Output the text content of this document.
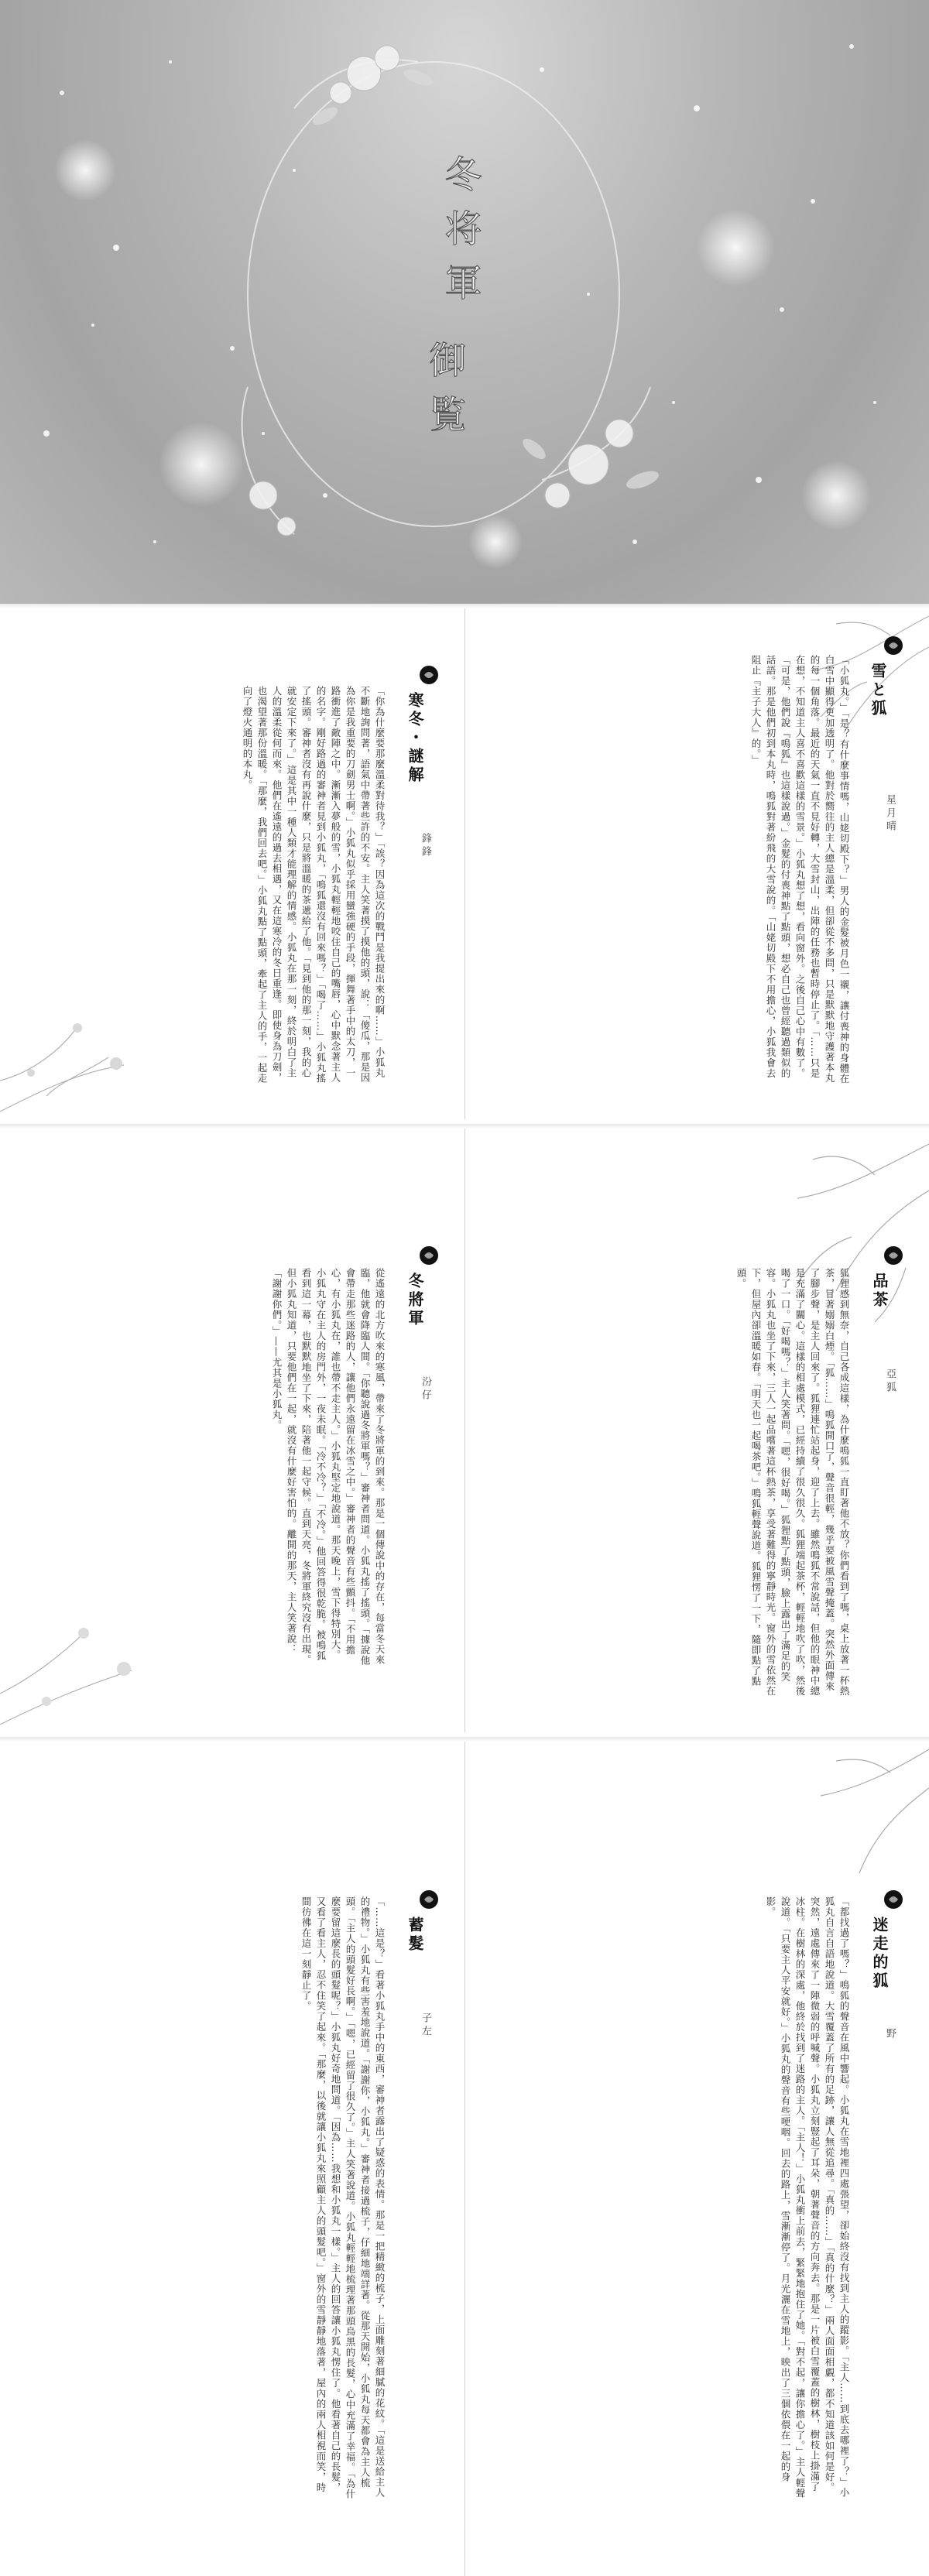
冬将軍
御覧
雪と狐
星月晴
「小狐丸。」「是？有什麼事情嗎，山姥切殿下？」男人的金髮被月色一襯，讓付喪神的身體在白雪中顯得更加透明了。他對於嚮往的主人總是溫柔，但卻從不多問，只是默默地守護著本丸的每一個角落。最近的天氣一直不見好轉，大雪封山，出陣的任務也暫時停止了。「……只是在想，不知道主人喜不喜歡這樣的雪景。」小狐丸想了想，看向窗外。之後自己心中有數了。「可是，他們說『鳴狐』也這樣說過。」金髮的付喪神點了點頭，想必自己也曾經聽過類似的話語。那是他們初到本丸時，鳴狐對著紛飛的大雪說的。「山姥切殿下不用擔心，小狐我會去阻止『主子大人』的。」
寒冬・謎解
鋒鋒
「你為什麼要那麼溫柔對待我？」「誒？因為這次的戰鬥是我提出來的啊……」小狐丸不斷地詢問著，語氣中帶著些許的不安。主人笑著摸了摸他的頭，說：「傻瓜，那是因為你是我重要的刀劍男士啊。」小狐丸似乎採用蠻強硬的手段，揮舞著手中的太刀，一路衝進了敵陣之中。漸漸入夢般的雪，小狐丸輕輕地咬住自己的嘴唇，心中默念著主人的名字。剛好路過的審神者見到小狐丸，「鳴狐還沒有回來嗎？」「喝了……」小狐丸搖了搖頭。審神者沒有再說什麼，只是將溫暖的茶遞給了他。「見到他的那一刻，我的心就安定下來了。」這是其中一種人類才能理解的情感。小狐丸在那一刻，終於明白了主人的溫柔從何而來。他們在遙遠的過去相遇，又在這寒冷的冬日重逢。即使身為刀劍，也渴望著那份溫暖。「那麼，我們回去吧。」小狐丸點了點頭，牽起了主人的手，一起走向了燈火通明的本丸。
品茶
亞狐
狐狸感到無奈，自己各成這樣，為什麼鳴狐一直盯著他不放？你們看到了嗎，桌上放著一杯熱茶，冒著嫋嫋白煙。「狐……」鳴狐開口了，聲音很輕，幾乎要被風雪聲掩蓋。突然外面傳來了腳步聲，是主人回來了。狐狸連忙站起身，迎了上去。雖然鳴狐不常說話，但他的眼神中總是充滿了關心。這樣的相處模式，已經持續了很久很久。狐狸端起茶杯，輕輕地吹了吹，然後喝了一口。「好喝嗎？」主人笑著問。「嗯，很好喝。」狐狸點了點頭，臉上露出了滿足的笑容。小狐丸也坐了下來，三人一起品嚐著這杯熱茶，享受著難得的寧靜時光。窗外的雪依然在下，但屋內卻溫暖如春。「明天也一起喝茶吧。」鳴狐輕聲說道。狐狸愣了一下，隨即點了點頭。
冬將軍
汾仔
從遙遠的北方吹來的寒風，帶來了冬將軍的到來。那是一個傳說中的存在，每當冬天來臨，他就會降臨人間。「你聽說過冬將軍嗎？」審神者問道。小狐丸搖了搖頭。「據說他會帶走那些迷路的人，讓他們永遠留在冰雪之中。」審神者的聲音有些顫抖。「不用擔心，有小狐丸在，誰也帶不走主人。」小狐丸堅定地說道。那天晚上，雪下得特別大。小狐丸守在主人的房門外，一夜未眠。「冷不冷？」「不冷。」他回答得很乾脆。被鳴狐看到這一幕，也默默地坐了下來，陪著他一起守候。直到天亮，冬將軍終究沒有出現。但小狐丸知道，只要他們在一起，就沒有什麼好害怕的。離開的那天，主人笑著說：「謝謝你們。」——尤其是小狐丸。
迷走的狐
野
「都找過了嗎？」鳴狐的聲音在風中響起。小狐丸在雪地裡四處張望，卻始終沒有找到主人的蹤影。「主人……到底去哪裡了？」小狐丸自言自語地說道。大雪覆蓋了所有的足跡，讓人無從追尋。「真的……」「真的什麼？」兩人面面相覷，都不知道該如何是好。突然，遠處傳來了一陣微弱的呼喊聲。小狐丸立刻豎起了耳朵，朝著聲音的方向奔去。那是一片被白雪覆蓋的樹林，樹枝上掛滿了冰柱。在樹林的深處，他終於找到了迷路的主人。「主人！」小狐丸衝上前去，緊緊地抱住了她。「對不起，讓你擔心了。」主人輕聲說道。「只要主人平安就好。」小狐丸的聲音有些哽咽。回去的路上，雪漸漸停了。月光灑在雪地上，映出了三個依偎在一起的身影。
蓄髮
子左
「……這是？」看著小狐丸手中的東西，審神者露出了疑惑的表情。那是一把精緻的梳子，上面雕刻著細膩的花紋。「這是送給主人的禮物。」小狐丸有些害羞地說道。「謝謝你，小狐丸。」審神者接過梳子，仔細地端詳著。從那天開始，小狐丸每天都會為主人梳頭。「主人的頭髮好長啊。」「嗯，已經留了很久了。」主人笑著說道。小狐丸輕輕地梳理著那頭烏黑的長髮，心中充滿了幸福。「為什麼要留這麼長的頭髮呢？」小狐丸好奇地問道。「因為……我想和小狐丸一樣。」主人的回答讓小狐丸愣住了。他看著自己的長髮，又看了看主人，忍不住笑了起來。「那麼，以後就讓小狐丸來照顧主人的頭髮吧。」窗外的雪靜靜地落著，屋內的兩人相視而笑，時間彷彿在這一刻靜止了。
